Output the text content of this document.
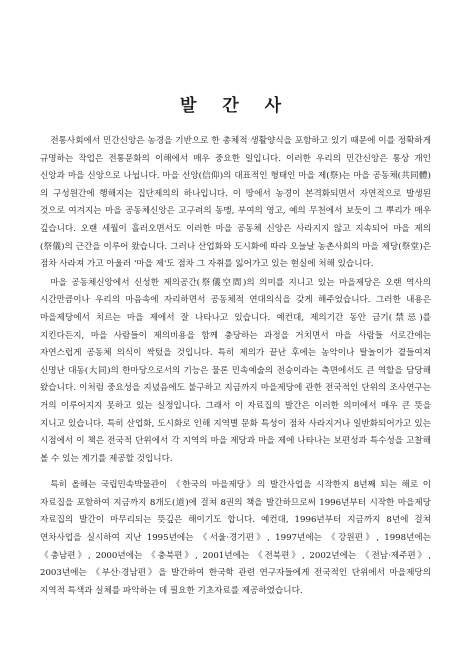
발 간 사

전통사회에서 민간신앙은 농경을 기반으로 한 총체적 생활양식을 포함하고 있기 때문에 이를 정확하게 규명하는 작업은 전통문화의 이해에서 매우 중요한 일입니다. 이러한 우리의 민간신앙은 통상 개인 신앙과 마을 신앙으로 나뉩니다. 마을 신앙(信仰)의 대표적인 형태인 마을 제(祭)는 마을 공동체(共同體)의 구성원간에 행해지는 집단제의의 하나입니다. 이 땅에서 농경이 본격화되면서 자연적으로 발생된 것으로 여겨지는 마을 공동체신앙은 고구려의 동맹, 부여의 영고, 예의 무천에서 보듯이 그 뿌리가 매우 깊습니다. 오랜 세월이 흘러오면서도 이러한 마을 공동체 신앙은 사라지지 않고 지속되어 마을 제의(祭儀)의 근간을 이루어 왔습니다. 그러나 산업화와 도시화에 따라 오늘날 농촌사회의 마을 제당(祭堂)은 점차 사라져 가고 아울러 '마을 제'도 점차 그 자취를 잃어가고 있는 현실에 처해 있습니다.

마을 공동체신앙에서 신성한 제의공간(祭儀空間)의 의미를 지니고 있는 마을제당은 오랜 역사의 시간만큼이나 우리의 마음속에 자리하면서 공동체적 연대의식을 갖게 해주었습니다. 그러한 내용은 마을제당에서 치르는 마을 제에서 잘 나타나고 있습니다. 예컨대, 제의기간 동안 금기(禁忌)를 지킨다든지, 마을 사람들이 제의비용을 함께 충당하는 과정을 거치면서 마을 사람들 서로간에는 자연스럽게 공동체 의식이 싹텄을 것입니다. 특히 제의가 끝난 후에는 농악이나 탈놀이가 곁들여져 신명난 대동(大同)의 한마당으로서의 기능은 물론 민속예술의 전승이라는 측면에서도 큰 역할을 담당해 왔습니다. 이처럼 중요성을 지녔음에도 불구하고 지금까지 마을제당에 관한 전국적인 단위의 조사연구는 거의 이루어지지 못하고 있는 실정입니다. 그래서 이 자료집의 발간은 이러한 의미에서 매우 큰 뜻을 지니고 있습니다. 특히 산업화, 도시화로 인해 지역별 문화 특성이 점차 사라지거나 일반화되어가고 있는 시점에서 이 책은 전국적 단위에서 각 지역의 마을 제당과 마을 제에 나타나는 보편성과 특수성을 고찰해 볼 수 있는 계기를 제공할 것입니다.

특히 올해는 국립민속박물관이 《한국의 마을제당》의 발간사업을 시작한지 8년째 되는 해로 이 자료집을 포함하여 지금까지 8개도(道)에 걸쳐 8권의 책을 발간하므로써 1996년부터 시작한 마을제당 자료집의 발간이 마무리되는 뜻깊은 해이기도 합니다. 예컨대, 1996년부터 지금까지 8년에 걸쳐 연차사업을 실시하여 지난 1995년에는 《서울·경기편》, 1997년에는 《강원편》, 1998년에는 《충남편》, 2000년에는 《충북편》, 2001년에는 《전북편》, 2002년에는 《전남·제주편》, 2003년에는 《부산·경남편》을 발간하여 한국학 관련 연구자들에게 전국적인 단위에서 마을제당의 지역적 특색과 실체를 파악하는 데 필요한 기초자료를 제공하였습니다.
